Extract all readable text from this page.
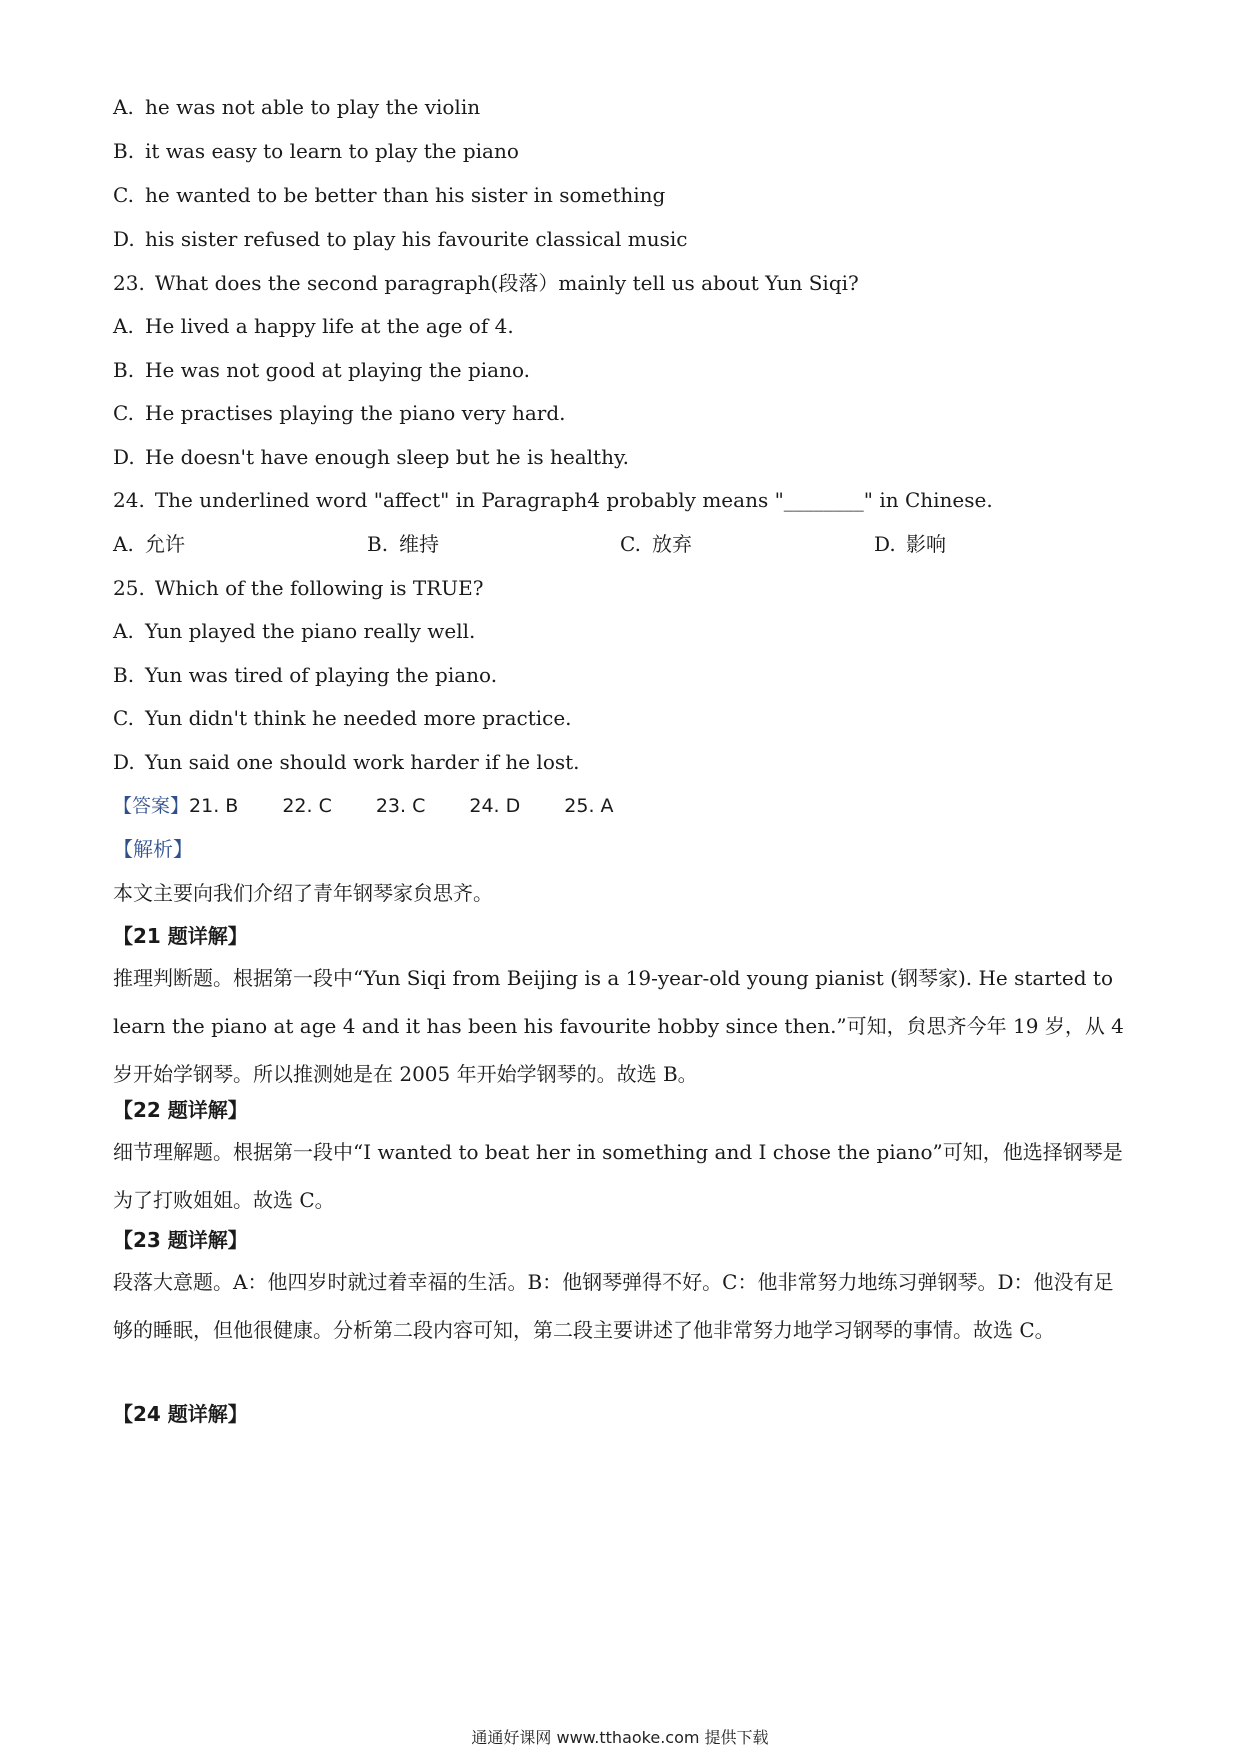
A. he was not able to play the violin
B. it was easy to learn to play the piano
C. he wanted to be better than his sister in something
D. his sister refused to play his favourite classical music
23. What does the second paragraph(段落）mainly tell us about Yun Siqi?
A. He lived a happy life at the age of 4.
B. He was not good at playing the piano.
C. He practises playing the piano very hard.
D. He doesn't have enough sleep but he is healthy.
24. The underlined word "affect" in Paragraph4 probably means "________" in Chinese.
A. 允许	B. 维持	C. 放弃	D. 影响
25. Which of the following is TRUE?
A. Yun played the piano really well.
B. Yun was tired of playing the piano.
C. Yun didn't think he needed more practice.
D. Yun said one should work harder if he lost.
【答案】21. B 22. C 23. C 24. D 25. A
【解析】
本文主要向我们介绍了青年钢琴家贠思齐。
【21 题详解】
推理判断题。根据第一段中“Yun Siqi from Beijing is a 19-year-old young pianist (钢琴家). He started to learn the piano at age 4 and it has been his favourite hobby since then.”可知，贠思齐今年 19 岁，从 4 岁开始学钢琴。所以推测她是在 2005 年开始学钢琴的。故选 B。
【22 题详解】
细节理解题。根据第一段中“I wanted to beat her in something and I chose the piano”可知，他选择钢琴是为了打败姐姐。故选 C。
【23 题详解】
段落大意题。A：他四岁时就过着幸福的生活。B：他钢琴弹得不好。C：他非常努力地练习弹钢琴。D：他没有足够的睡眠，但他很健康。分析第二段内容可知，第二段主要讲述了他非常努力地学习钢琴的事情。故选 C。
【24 题详解】
通通好课网 www.tthaoke.com 提供下载
